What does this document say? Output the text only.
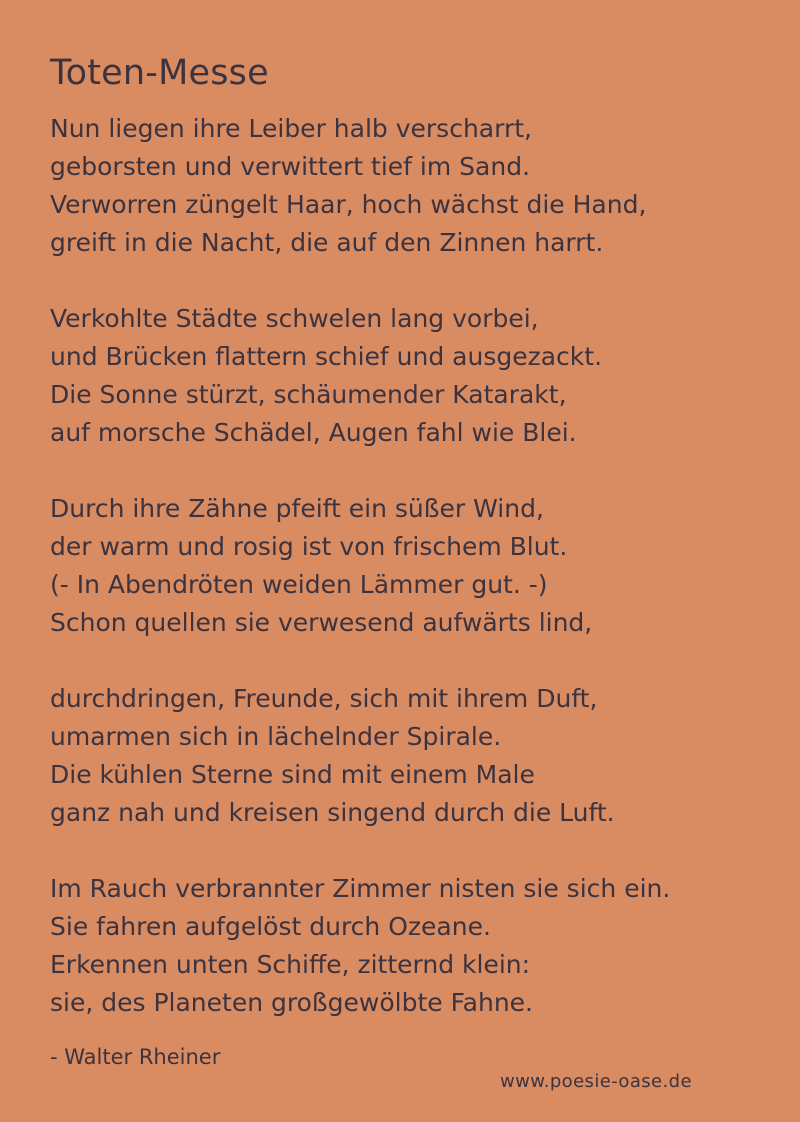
Toten-Messe
Nun liegen ihre Leiber halb verscharrt,
geborsten und verwittert tief im Sand.
Verworren züngelt Haar, hoch wächst die Hand,
greift in die Nacht, die auf den Zinnen harrt.
Verkohlte Städte schwelen lang vorbei,
und Brücken flattern schief und ausgezackt.
Die Sonne stürzt, schäumender Katarakt,
auf morsche Schädel, Augen fahl wie Blei.
Durch ihre Zähne pfeift ein süßer Wind,
der warm und rosig ist von frischem Blut.
(- In Abendröten weiden Lämmer gut. -)
Schon quellen sie verwesend aufwärts lind,
durchdringen, Freunde, sich mit ihrem Duft,
umarmen sich in lächelnder Spirale.
Die kühlen Sterne sind mit einem Male
ganz nah und kreisen singend durch die Luft.
Im Rauch verbrannter Zimmer nisten sie sich ein.
Sie fahren aufgelöst durch Ozeane.
Erkennen unten Schiffe, zitternd klein:
sie, des Planeten großgewölbte Fahne.
- Walter Rheiner
www.poesie-oase.de
